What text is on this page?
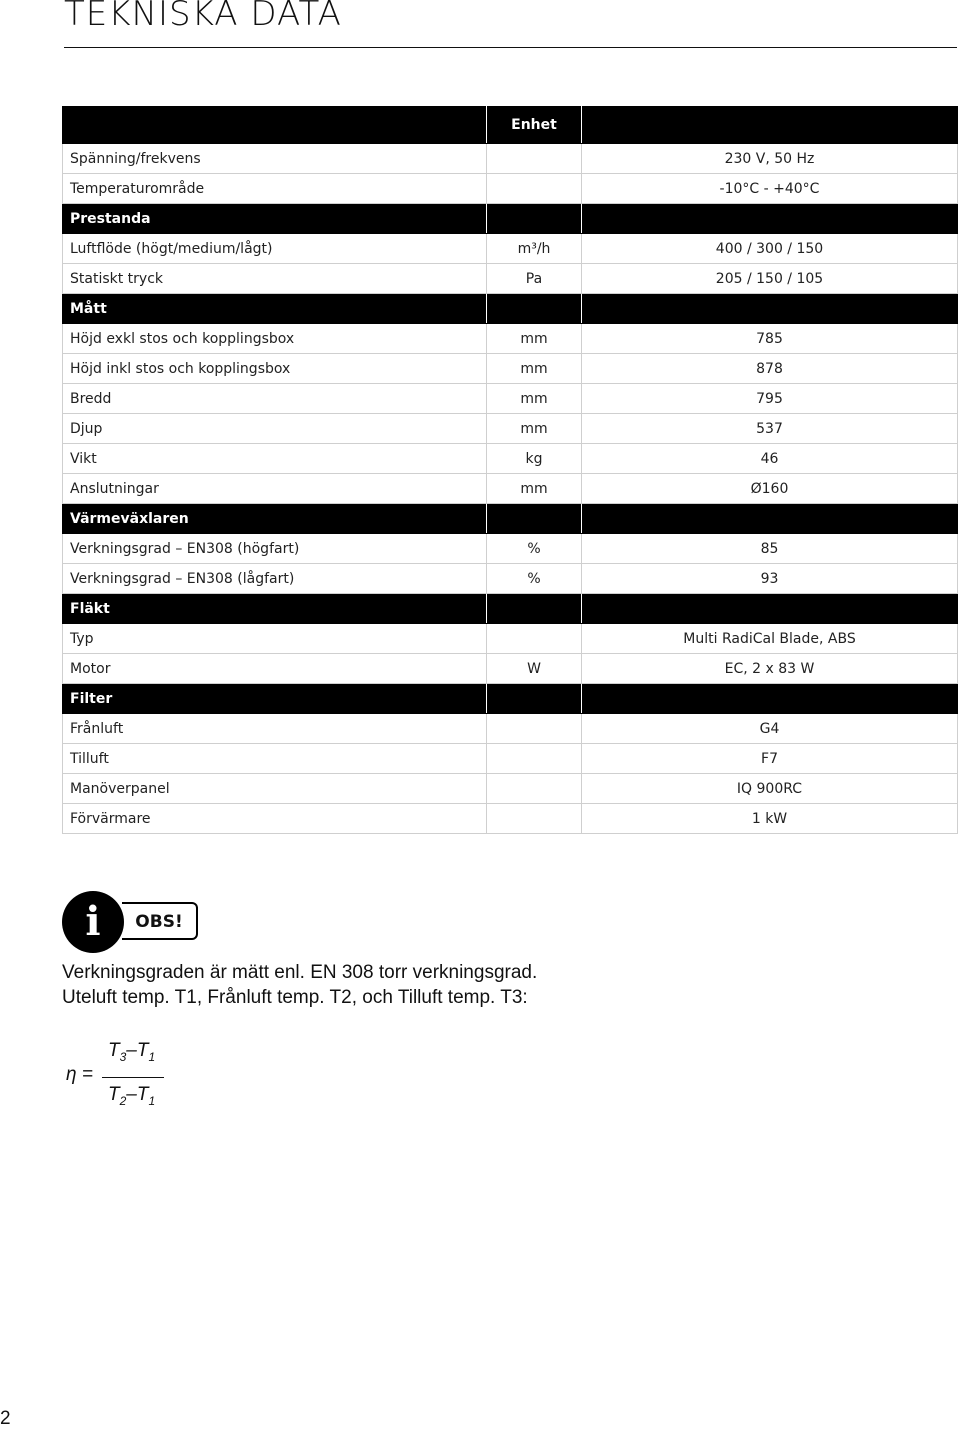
TEKNISKA DATA
	Enhet	
Spänning/frekvens		230 V, 50 Hz
Temperaturområde		-10°C - +40°C
Prestanda		
Luftflöde (högt/medium/lågt)	m³/h	400 / 300 / 150
Statiskt tryck	Pa	205 / 150 / 105
Mått		
Höjd exkl stos och kopplingsbox	mm	785
Höjd inkl stos och kopplingsbox	mm	878
Bredd	mm	795
Djup	mm	537
Vikt	kg	46
Anslutningar	mm	Ø160
Värmeväxlaren		
Verkningsgrad – EN308 (högfart)	%	85
Verkningsgrad – EN308 (lågfart)	%	93
Fläkt		
Typ		Multi RadiCal Blade, ABS
Motor	W	EC, 2 x 83 W
Filter		
Frånluft		G4
Tilluft		F7
Manöverpanel		IQ 900RC
Förvärmare		1 kW
i	OBS!
Verkningsgraden är mätt enl. EN 308 torr verkningsgrad.
Uteluft temp. T1, Frånluft temp. T2, och Tilluft temp. T3:
η =
$T_3-T_1$
$T_2-T_1$
2
